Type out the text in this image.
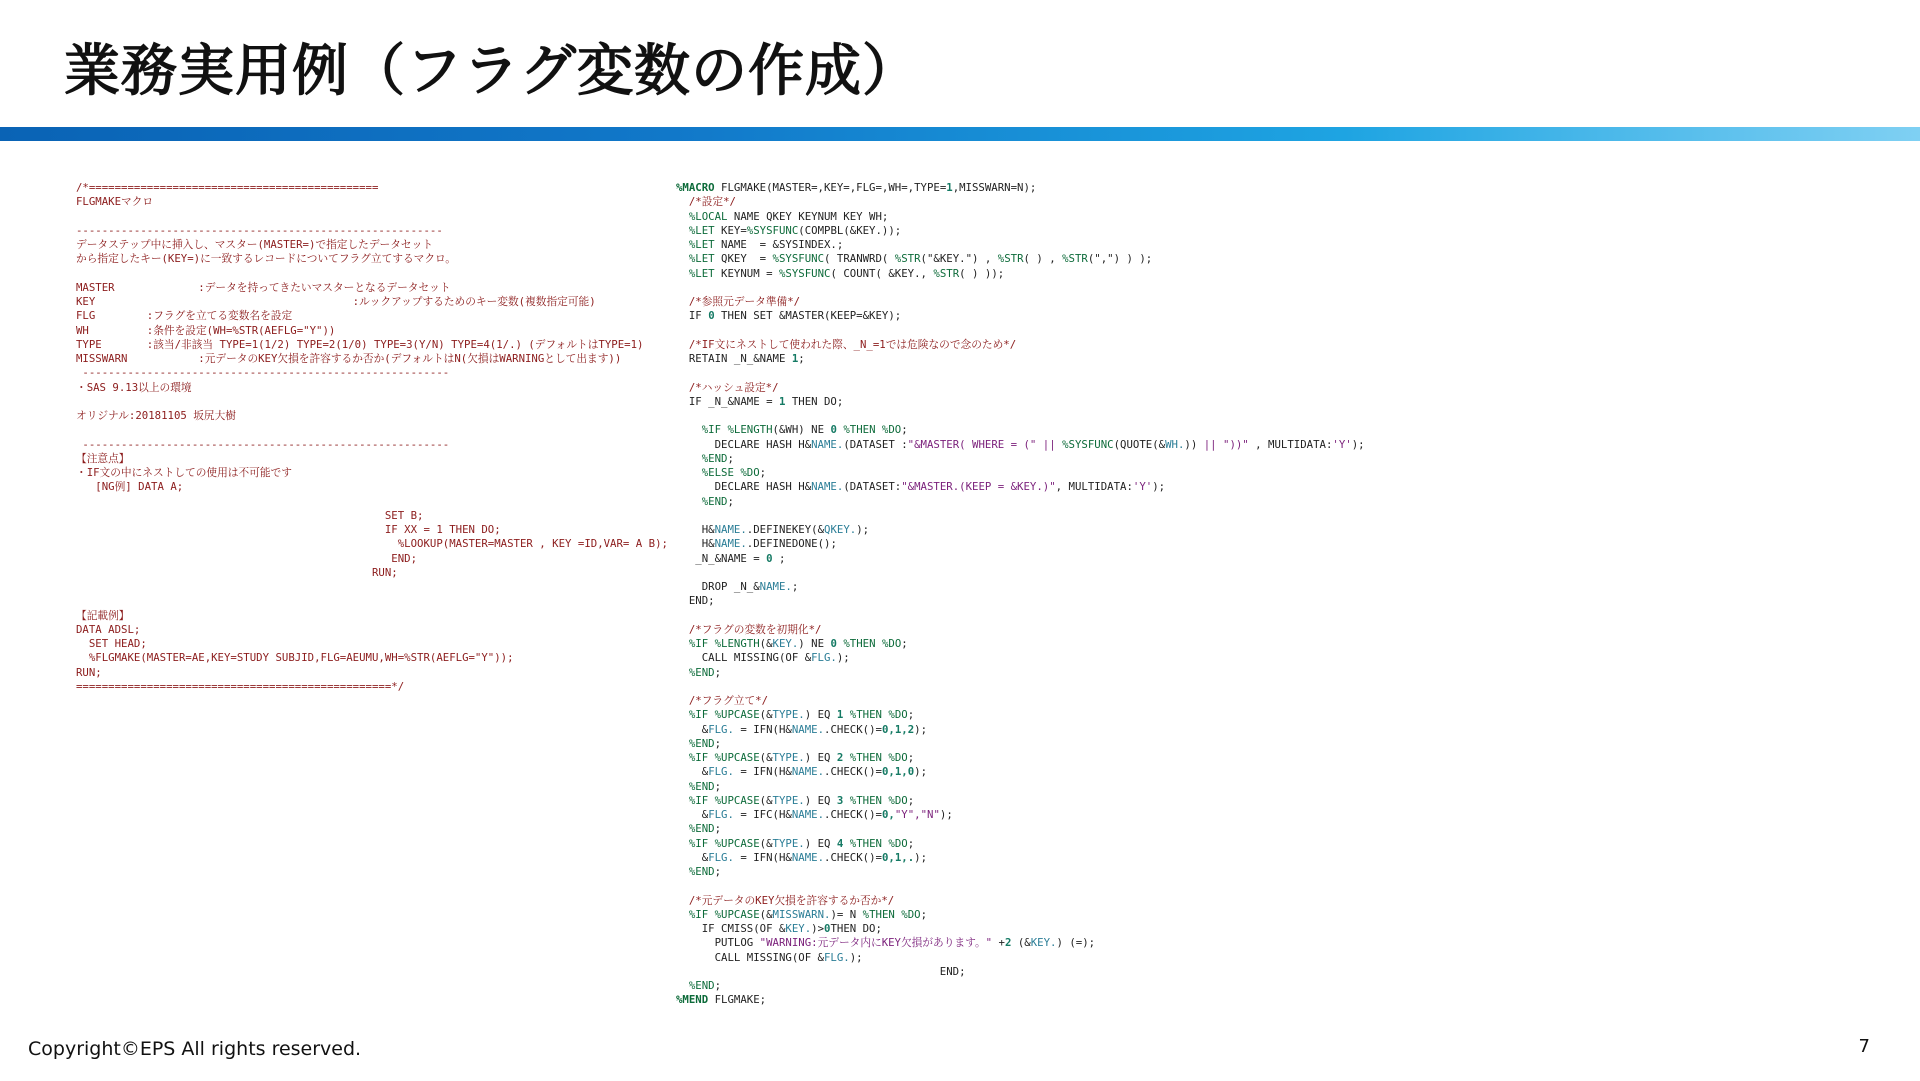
業務実用例（フラグ変数の作成）
/*=============================================
FLGMAKEマクロ
---------------------------------------------------------
データステップ中に挿入し、マスター(MASTER=)で指定したデータセット
から指定したキー(KEY=)に一致するレコードについてフラグ立てするマクロ。
MASTER             :データを持ってきたいマスターとなるデータセット
KEY                                        :ルックアップするためのキー変数(複数指定可能)
FLG        :フラグを立てる変数名を設定
WH         :条件を設定(WH=%STR(AEFLG="Y"))
TYPE       :該当/非該当 TYPE=1(1/2) TYPE=2(1/0) TYPE=3(Y/N) TYPE=4(1/.) (デフォルトはTYPE=1)
MISSWARN           :元データのKEY欠損を許容するか否か(デフォルトはN(欠損はWARNINGとして出ます))
---------------------------------------------------------
・SAS 9.13以上の環境
オリジナル:20181105 坂尻大樹
---------------------------------------------------------
【注意点】
・IF文の中にネストしての使用は不可能です
[NG例] DATA A;
SET B;
IF XX = 1 THEN DO;
%LOOKUP(MASTER=MASTER , KEY =ID,VAR= A B);
END;
RUN;
【記載例】
DATA ADSL;
SET HEAD;
%FLGMAKE(MASTER=AE,KEY=STUDY SUBJID,FLG=AEUMU,WH=%STR(AEFLG="Y"));
RUN;
=================================================*/
%MACRO FLGMAKE(MASTER=,KEY=,FLG=,WH=,TYPE=1,MISSWARN=N);
/*設定*/
%LOCAL NAME QKEY KEYNUM KEY WH;
%LET KEY=%SYSFUNC(COMPBL(&KEY.));
%LET NAME  = &SYSINDEX.;
%LET QKEY  = %SYSFUNC( TRANWRD( %STR("&KEY.") , %STR( ) , %STR(",") ) );
%LET KEYNUM = %SYSFUNC( COUNT( &KEY., %STR( ) ));
/*参照元データ準備*/
IF 0 THEN SET &MASTER(KEEP=&KEY);
/*IF文にネストして使われた際、_N_=1では危険なので念のため*/
RETAIN _N_&NAME 1;
/*ハッシュ設定*/
IF _N_&NAME = 1 THEN DO;
%IF %LENGTH(&WH) NE 0 %THEN %DO;
DECLARE HASH H&NAME.(DATASET :"&MASTER( WHERE = (" || %SYSFUNC(QUOTE(&WH.)) || "))" , MULTIDATA:'Y');
%END;
%ELSE %DO;
DECLARE HASH H&NAME.(DATASET:"&MASTER.(KEEP = &KEY.)", MULTIDATA:'Y');
%END;
H&NAME..DEFINEKEY(&QKEY.);
H&NAME..DEFINEDONE();
_N_&NAME = 0 ;
DROP _N_&NAME.;
END;
/*フラグの変数を初期化*/
%IF %LENGTH(&KEY.) NE 0 %THEN %DO;
CALL MISSING(OF &FLG.);
%END;
/*フラグ立て*/
%IF %UPCASE(&TYPE.) EQ 1 %THEN %DO;
&FLG. = IFN(H&NAME..CHECK()=0,1,2);
%END;
%IF %UPCASE(&TYPE.) EQ 2 %THEN %DO;
&FLG. = IFN(H&NAME..CHECK()=0,1,0);
%END;
%IF %UPCASE(&TYPE.) EQ 3 %THEN %DO;
&FLG. = IFC(H&NAME..CHECK()=0,"Y","N");
%END;
%IF %UPCASE(&TYPE.) EQ 4 %THEN %DO;
&FLG. = IFN(H&NAME..CHECK()=0,1,.);
%END;
/*元データのKEY欠損を許容するか否か*/
%IF %UPCASE(&MISSWARN.)= N %THEN %DO;
IF CMISS(OF &KEY.)>0THEN DO;
PUTLOG "WARNING:元データ内にKEY欠損があります。" +2 (&KEY.) (=);
CALL MISSING(OF &FLG.);
END;
%END;
%MEND FLGMAKE;
Copyright©EPS All rights reserved.	7
